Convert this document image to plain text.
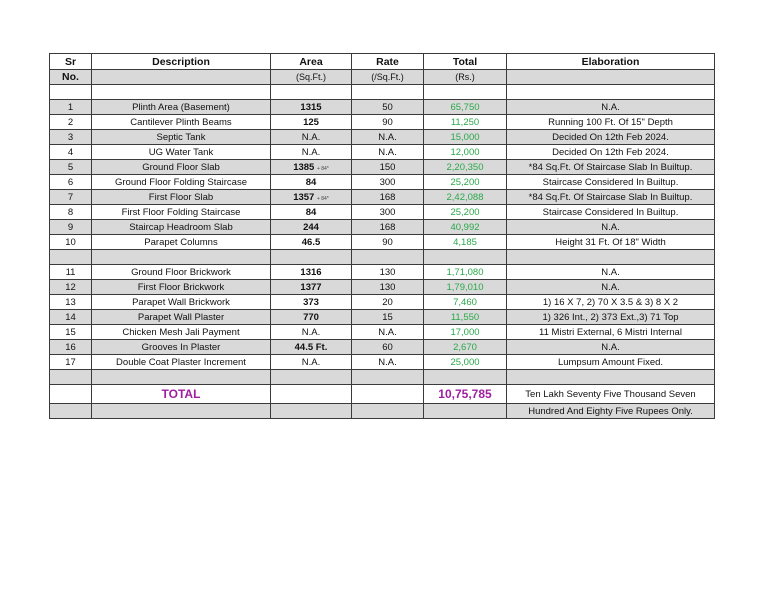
Sr	Description	Area	Rate	Total	Elaboration
No.		(Sq.Ft.)	(/Sq.Ft.)	(Rs.)	

1	Plinth Area (Basement)	1315	50	65,750	N.A.
2	Cantilever Plinth Beams	125	90	11,250	Running 100 Ft. Of 15" Depth
3	Septic Tank	N.A.	N.A.	15,000	Decided On 12th Feb 2024.
4	UG Water Tank	N.A.	N.A.	12,000	Decided On 12th Feb 2024.
5	Ground Floor Slab	1385 + 84*	150	2,20,350	*84 Sq.Ft. Of Staircase Slab In Builtup.
6	Ground Floor Folding Staircase	84	300	25,200	Staircase Considered In Builtup.
7	First Floor Slab	1357 + 84*	168	2,42,088	*84 Sq.Ft. Of Staircase Slab In Builtup.
8	First Floor Folding Staircase	84	300	25,200	Staircase Considered In Builtup.
9	Staircap Headroom Slab	244	168	40,992	N.A.
10	Parapet Columns	46.5	90	4,185	Height 31 Ft. Of 18" Width

11	Ground Floor Brickwork	1316	130	1,71,080	N.A.
12	First Floor Brickwork	1377	130	1,79,010	N.A.
13	Parapet Wall Brickwork	373	20	7,460	1) 16 X 7, 2) 70 X 3.5 & 3) 8 X 2
14	Parapet Wall Plaster	770	15	11,550	1) 326 Int., 2) 373 Ext.,3) 71 Top
15	Chicken Mesh Jali Payment	N.A.	N.A.	17,000	11 Mistri External, 6 Mistri Internal
16	Grooves In Plaster	44.5 Ft.	60	2,670	N.A.
17	Double Coat Plaster Increment	N.A.	N.A.	25,000	Lumpsum Amount Fixed.

	TOTAL			10,75,785	Ten Lakh Seventy Five Thousand Seven
					Hundred And Eighty Five Rupees Only.
